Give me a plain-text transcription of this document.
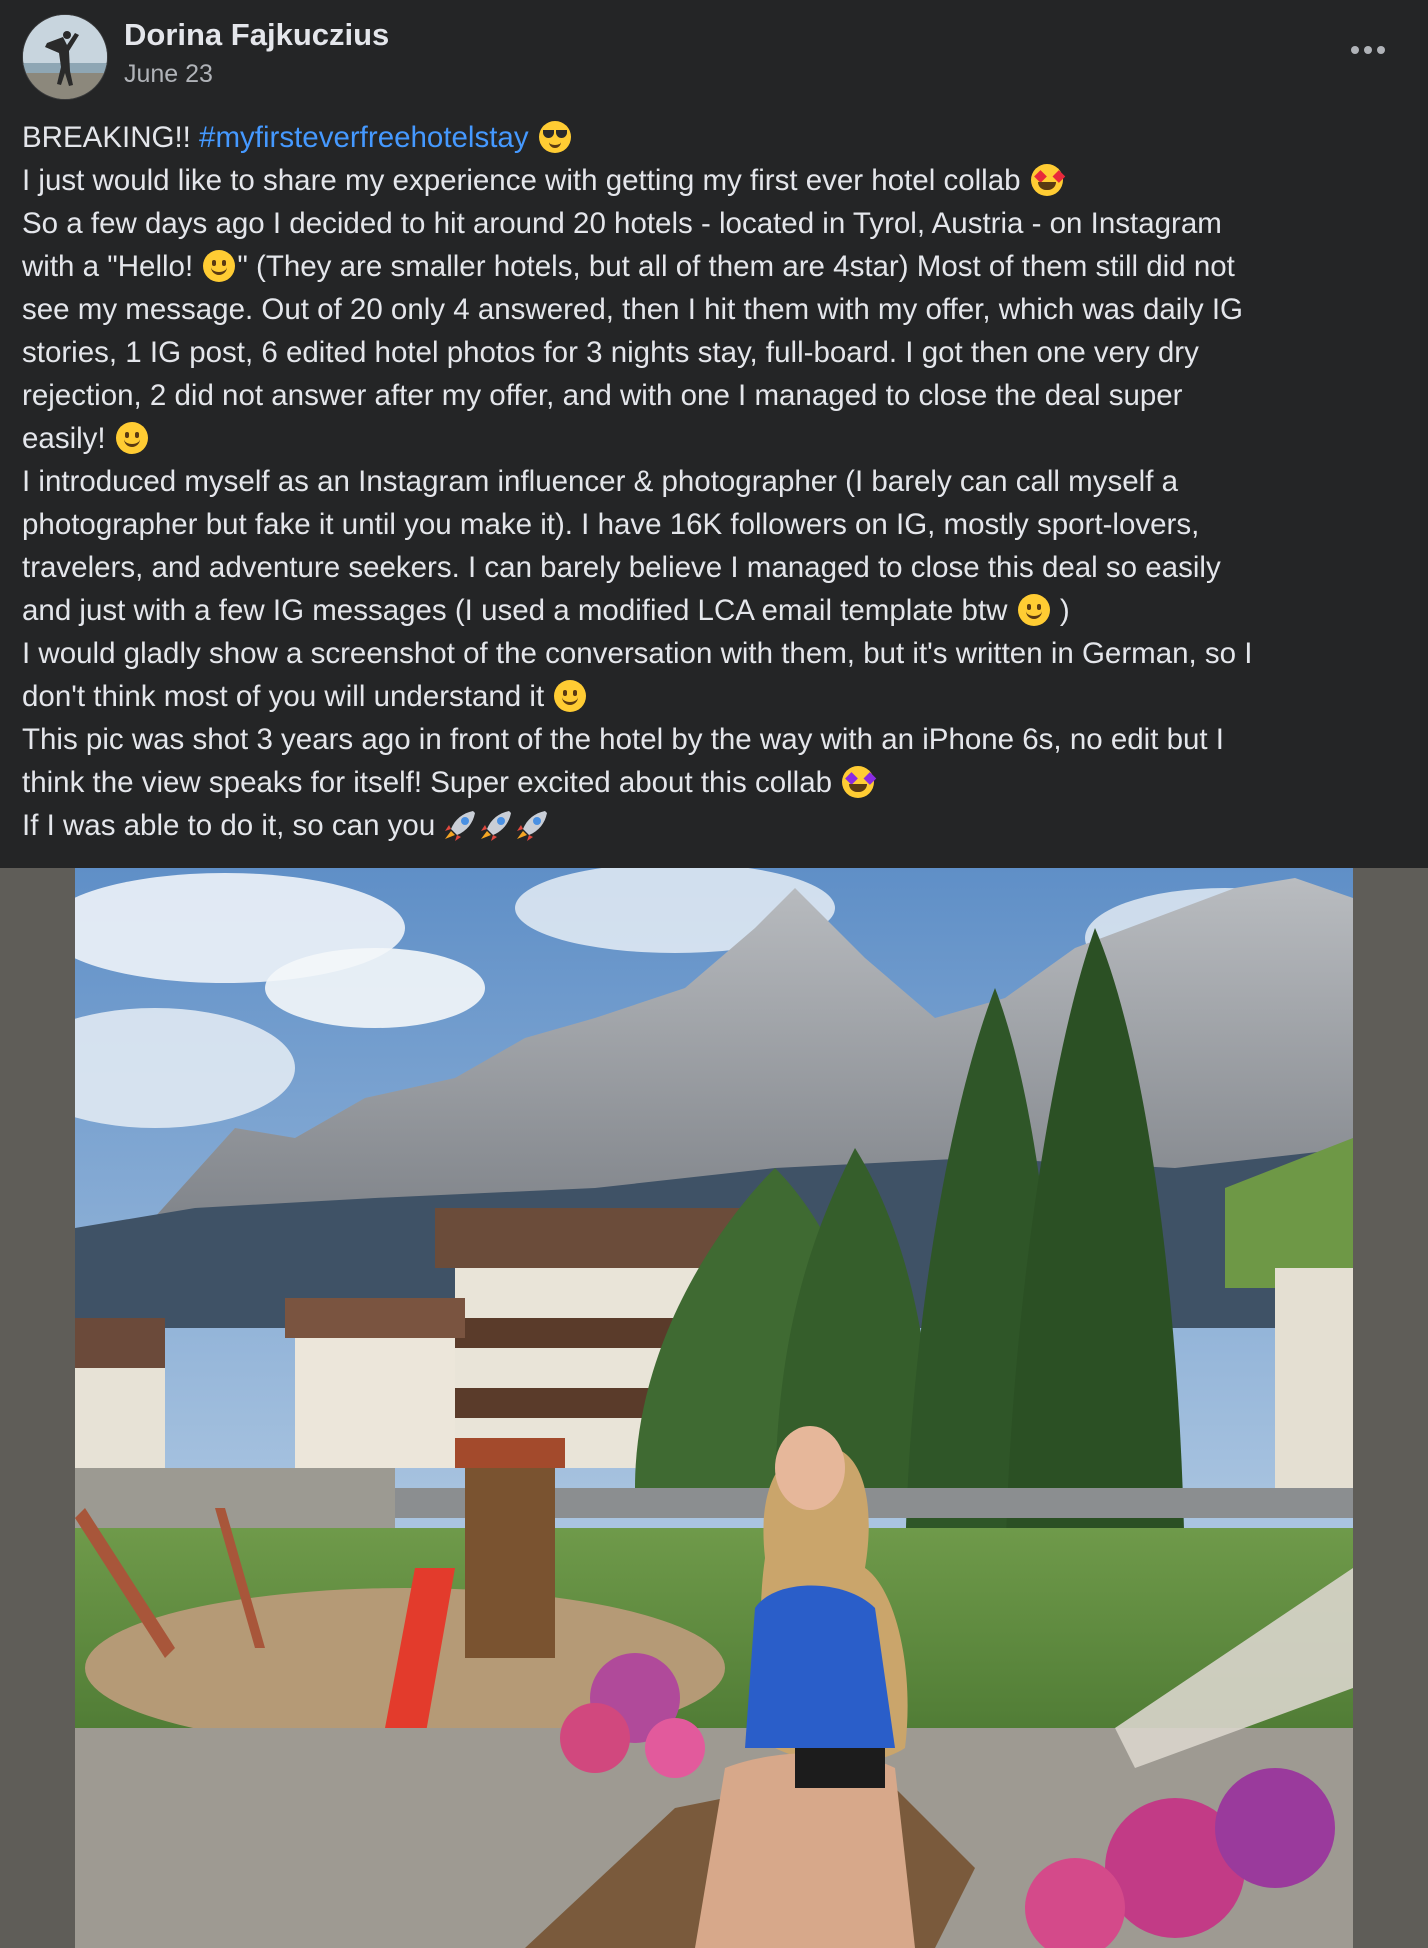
Dorina Fajkuczius
June 23
BREAKING!! #myfirsteverfreehotelstay
I just would like to share my experience with getting my first ever hotel collab
So a few days ago I decided to hit around 20 hotels - located in Tyrol, Austria - on Instagram
with a "Hello! " (They are smaller hotels, but all of them are 4star) Most of them still did not
see my message. Out of 20 only 4 answered, then I hit them with my offer, which was daily IG
stories, 1 IG post, 6 edited hotel photos for 3 nights stay, full-board. I got then one very dry
rejection, 2 did not answer after my offer, and with one I managed to close the deal super
easily!
I introduced myself as an Instagram influencer & photographer (I barely can call myself a
photographer but fake it until you make it). I have 16K followers on IG, mostly sport-lovers,
travelers, and adventure seekers. I can barely believe I managed to close this deal so easily
and just with a few IG messages (I used a modified LCA email template btw )
I would gladly show a screenshot of the conversation with them, but it's written in German, so I
don't think most of you will understand it
This pic was shot 3 years ago in front of the hotel by the way with an iPhone 6s, no edit but I
think the view speaks for itself! Super excited about this collab
If I was able to do it, so can you
